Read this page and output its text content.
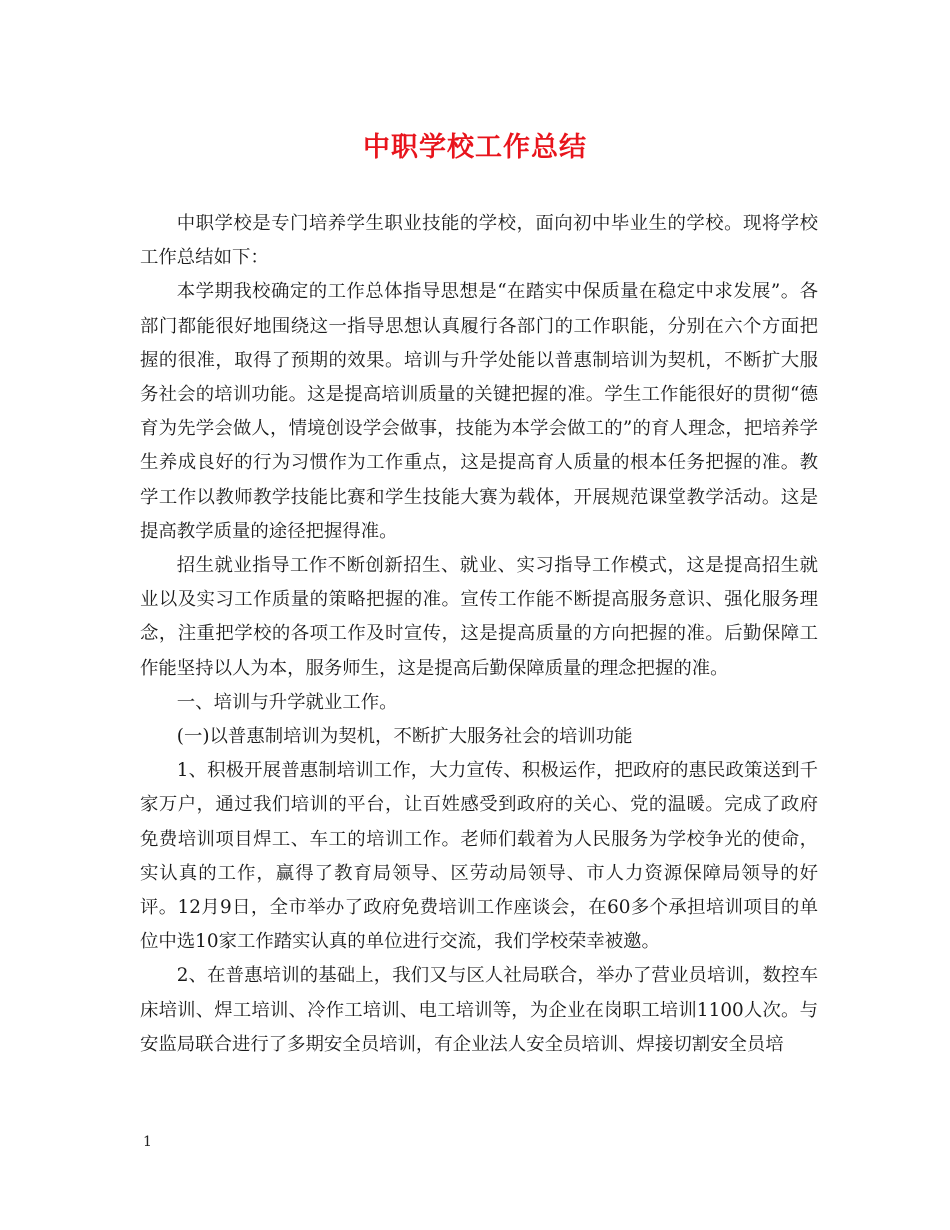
中职学校工作总结

中职学校是专门培养学生职业技能的学校，面向初中毕业生的学校。现将学校工作总结如下：

本学期我校确定的工作总体指导思想是“在踏实中保质量在稳定中求发展”。各部门都能很好地围绕这一指导思想认真履行各部门的工作职能，分别在六个方面把握的很准，取得了预期的效果。培训与升学处能以普惠制培训为契机，不断扩大服务社会的培训功能。这是提高培训质量的关键把握的准。学生工作能很好的贯彻“德育为先学会做人，情境创设学会做事，技能为本学会做工的”的育人理念，把培养学生养成良好的行为习惯作为工作重点，这是提高育人质量的根本任务把握的准。教学工作以教师教学技能比赛和学生技能大赛为载体，开展规范课堂教学活动。这是提高教学质量的途径把握得准。

招生就业指导工作不断创新招生、就业、实习指导工作模式，这是提高招生就业以及实习工作质量的策略把握的准。宣传工作能不断提高服务意识、强化服务理念，注重把学校的各项工作及时宣传，这是提高质量的方向把握的准。后勤保障工作能坚持以人为本，服务师生，这是提高后勤保障质量的理念把握的准。

一、培训与升学就业工作。

(一)以普惠制培训为契机，不断扩大服务社会的培训功能

1、积极开展普惠制培训工作，大力宣传、积极运作，把政府的惠民政策送到千家万户，通过我们培训的平台，让百姓感受到政府的关心、党的温暖。完成了政府免费培训项目焊工、车工的培训工作。老师们载着为人民服务为学校争光的使命，实认真的工作，赢得了教育局领导、区劳动局领导、市人力资源保障局领导的好评。12月9日，全市举办了政府免费培训工作座谈会，在60多个承担培训项目的单位中选10家工作踏实认真的单位进行交流，我们学校荣幸被邀。

2、在普惠培训的基础上，我们又与区人社局联合，举办了营业员培训，数控车床培训、焊工培训、冷作工培训、电工培训等，为企业在岗职工培训1100人次。与安监局联合进行了多期安全员培训，有企业法人安全员培训、焊接切割安全员培

1
